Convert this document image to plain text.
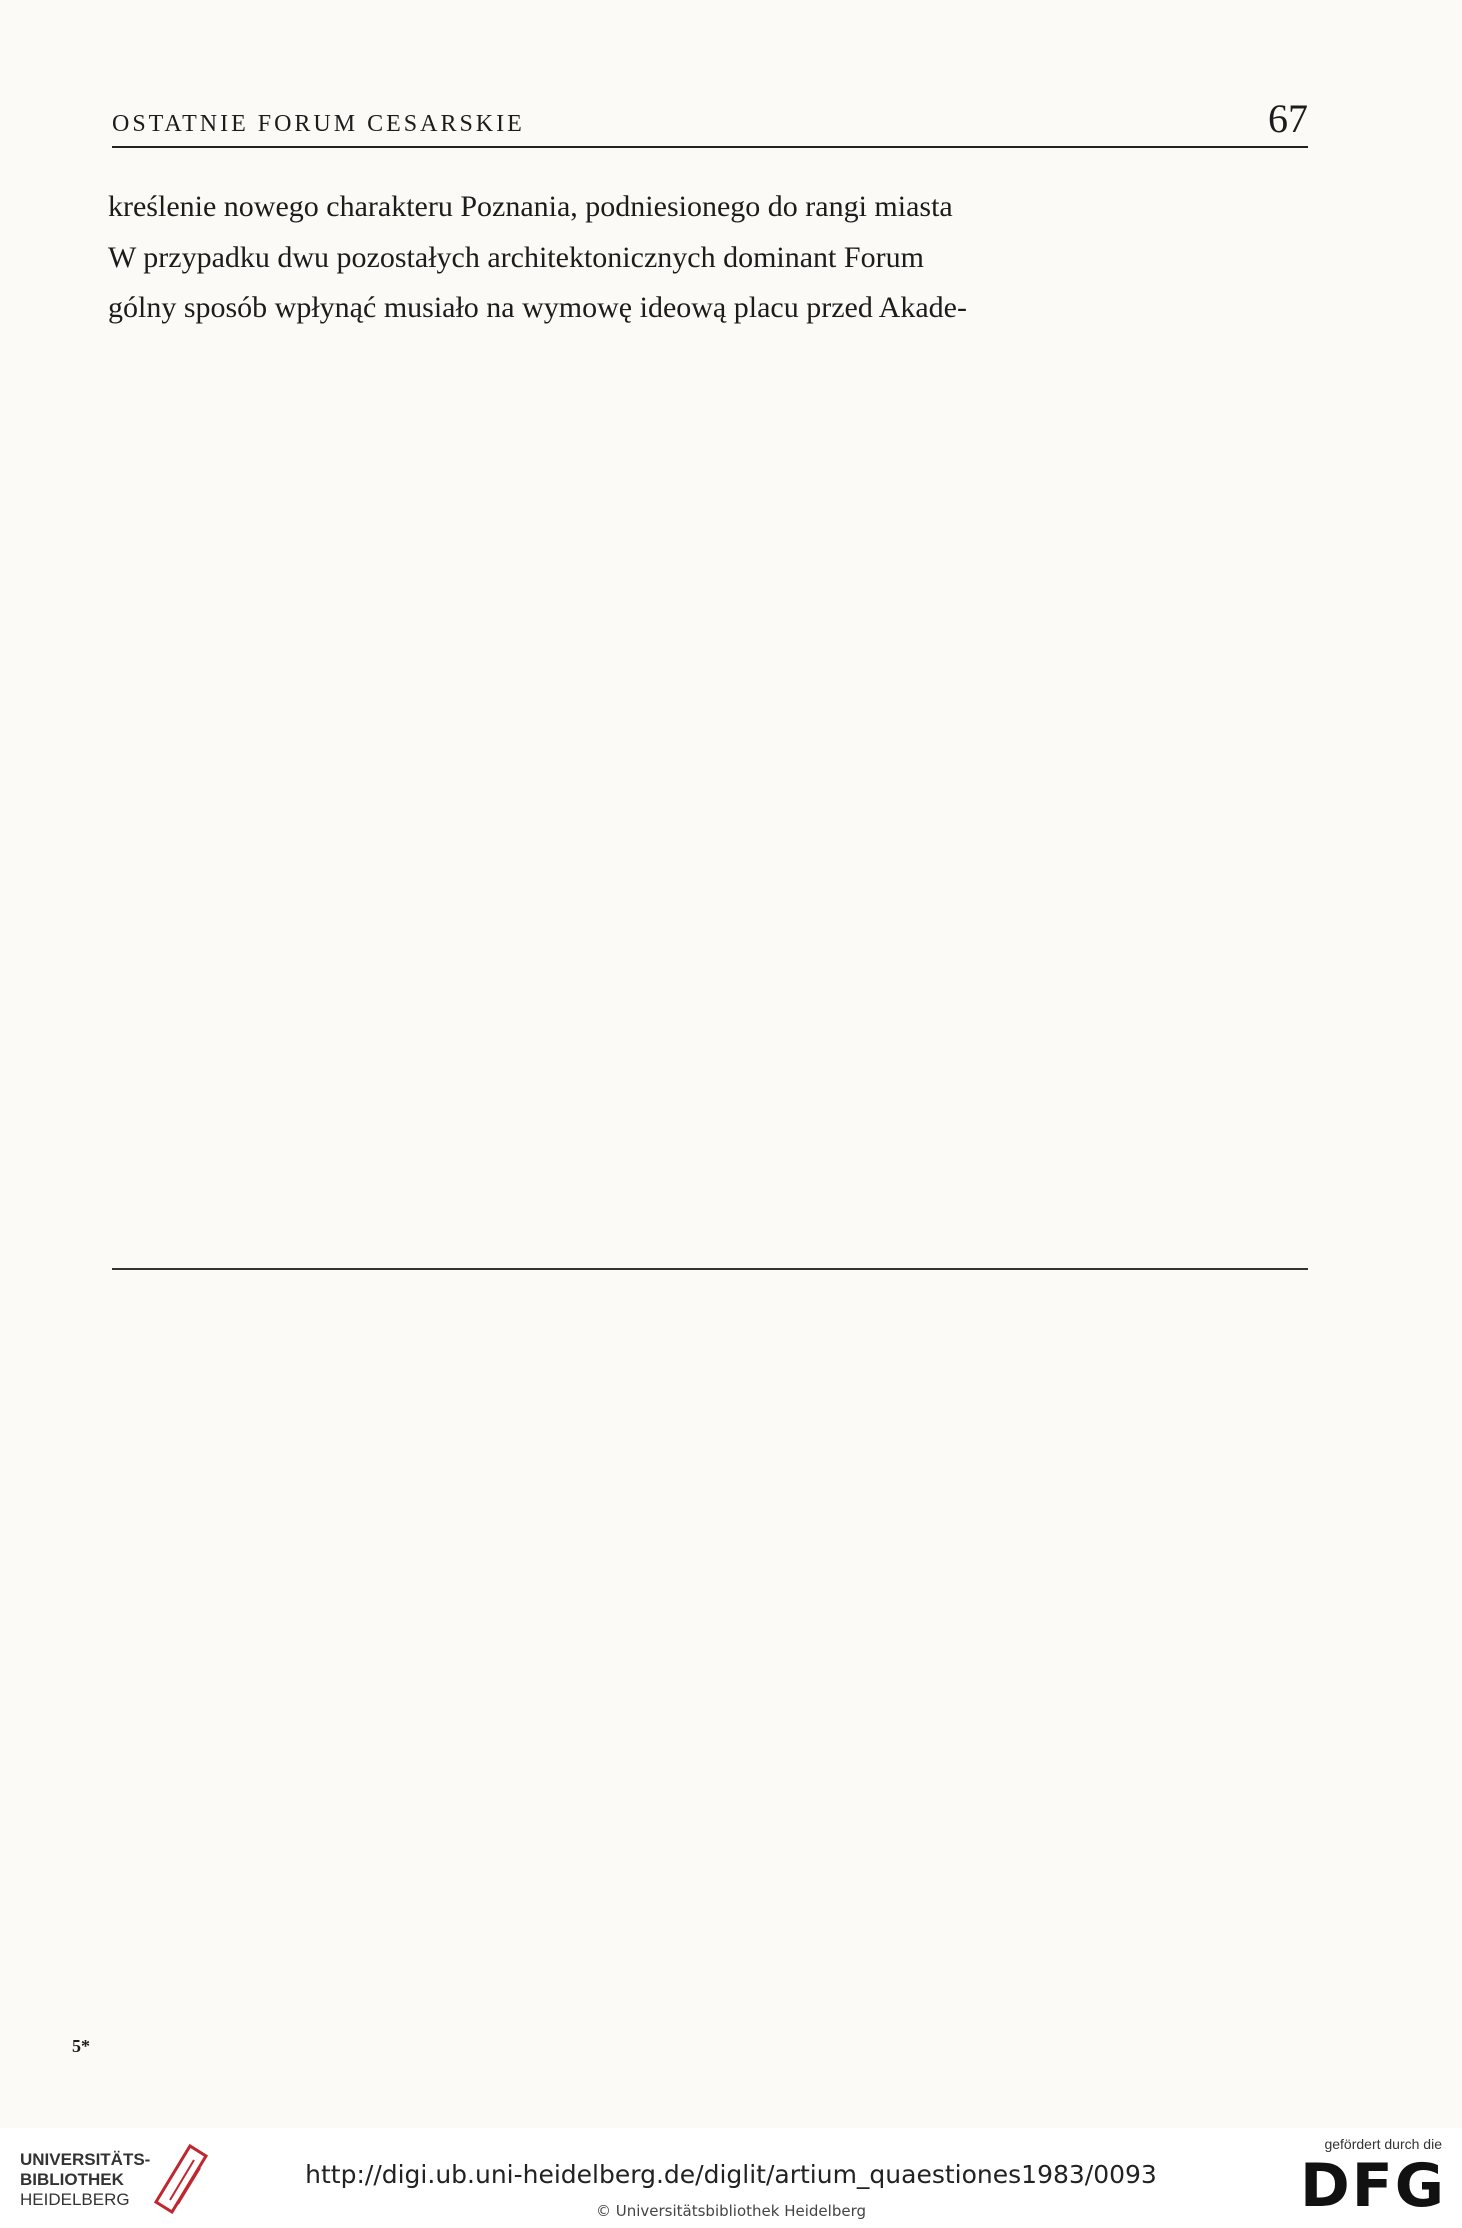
OSTATNIE FORUM CESARSKIE	67

kreślenie nowego charakteru Poznania, podniesionego do rangi miasta

W przypadku dwu pozostałych architektonicznych dominant Forum

gólny sposób wpłynąć musiało na wymowę ideową placu przed Akade-

5*
UNIVERSITÄTS-
BIBLIOTHEK
HEIDELBERG
http://digi.ub.uni-heidelberg.de/diglit/artium_quaestiones1983/0093
© Universitätsbibliothek Heidelberg
gefördert durch die
DFG
